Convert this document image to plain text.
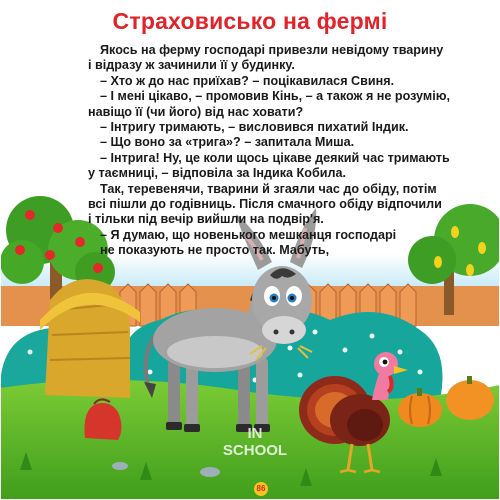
Страховисько на фермі
Якось на ферму господарі привезли невідому тварину
і відразу ж зачинили її у будинку.
– Хто ж до нас приїхав? – поцікавилася Свиня.
– І мені цікаво, – промовив Кінь, – а також я не розумію,
навіщо її (чи його) від нас ховати?
– Інтригу тримають, – висловився пихатий Індик.
– Що воно за «трига»? – запитала Миша.
– Інтрига! Ну, це коли щось цікаве деякий час тримають
у таємниці, – відповіла за Індика Кобила.
Так, теревенячи, тварини й згаяли час до обіду, потім
всі пішли до годівниць. Після смачного обіду відпочили
і тільки під вечір вийшли на подвір'я.
– Я думаю, що новенького мешканця господарі
не показують не просто так. Мабуть,
IN
SCHOOL
86
